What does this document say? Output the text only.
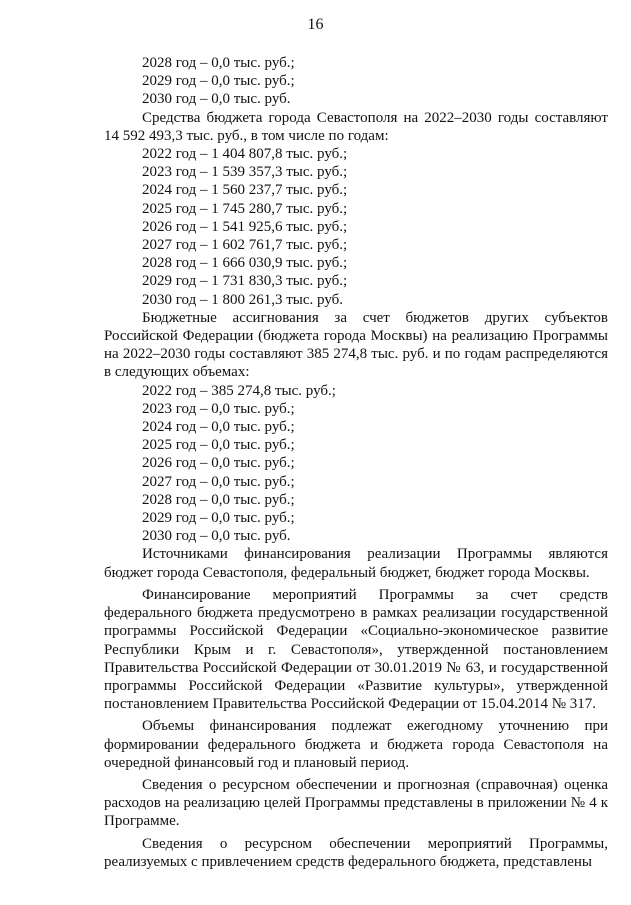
16
2028 год – 0,0 тыс. руб.;
2029 год – 0,0 тыс. руб.;
2030 год – 0,0 тыс. руб.
Средства бюджета города Севастополя на 2022–2030 годы составляют 14 592 493,3 тыс. руб., в том числе по годам:
2022 год – 1 404 807,8 тыс. руб.;
2023 год – 1 539 357,3 тыс. руб.;
2024 год – 1 560 237,7 тыс. руб.;
2025 год – 1 745 280,7 тыс. руб.;
2026 год – 1 541 925,6 тыс. руб.;
2027 год – 1 602 761,7 тыс. руб.;
2028 год – 1 666 030,9 тыс. руб.;
2029 год – 1 731 830,3 тыс. руб.;
2030 год – 1 800 261,3 тыс. руб.
Бюджетные ассигнования за счет бюджетов других субъектов Российской Федерации (бюджета города Москвы) на реализацию Программы на 2022–2030 годы составляют 385 274,8 тыс. руб. и по годам распределяются в следующих объемах:
2022 год – 385 274,8 тыс. руб.;
2023 год – 0,0 тыс. руб.;
2024 год – 0,0 тыс. руб.;
2025 год – 0,0 тыс. руб.;
2026 год – 0,0 тыс. руб.;
2027 год – 0,0 тыс. руб.;
2028 год – 0,0 тыс. руб.;
2029 год – 0,0 тыс. руб.;
2030 год – 0,0 тыс. руб.
Источниками финансирования реализации Программы являются бюджет города Севастополя, федеральный бюджет, бюджет города Москвы.
Финансирование мероприятий Программы за счет средств федерального бюджета предусмотрено в рамках реализации государственной программы Российской Федерации «Социально-экономическое развитие Республики Крым и г. Севастополя», утвержденной постановлением Правительства Российской Федерации от 30.01.2019 № 63, и государственной программы Российской Федерации «Развитие культуры», утвержденной постановлением Правительства Российской Федерации от 15.04.2014 № 317.
Объемы финансирования подлежат ежегодному уточнению при формировании федерального бюджета и бюджета города Севастополя на очередной финансовый год и плановый период.
Сведения о ресурсном обеспечении и прогнозная (справочная) оценка расходов на реализацию целей Программы представлены в приложении № 4 к Программе.
Сведения о ресурсном обеспечении мероприятий Программы, реализуемых с привлечением средств федерального бюджета, представлены
